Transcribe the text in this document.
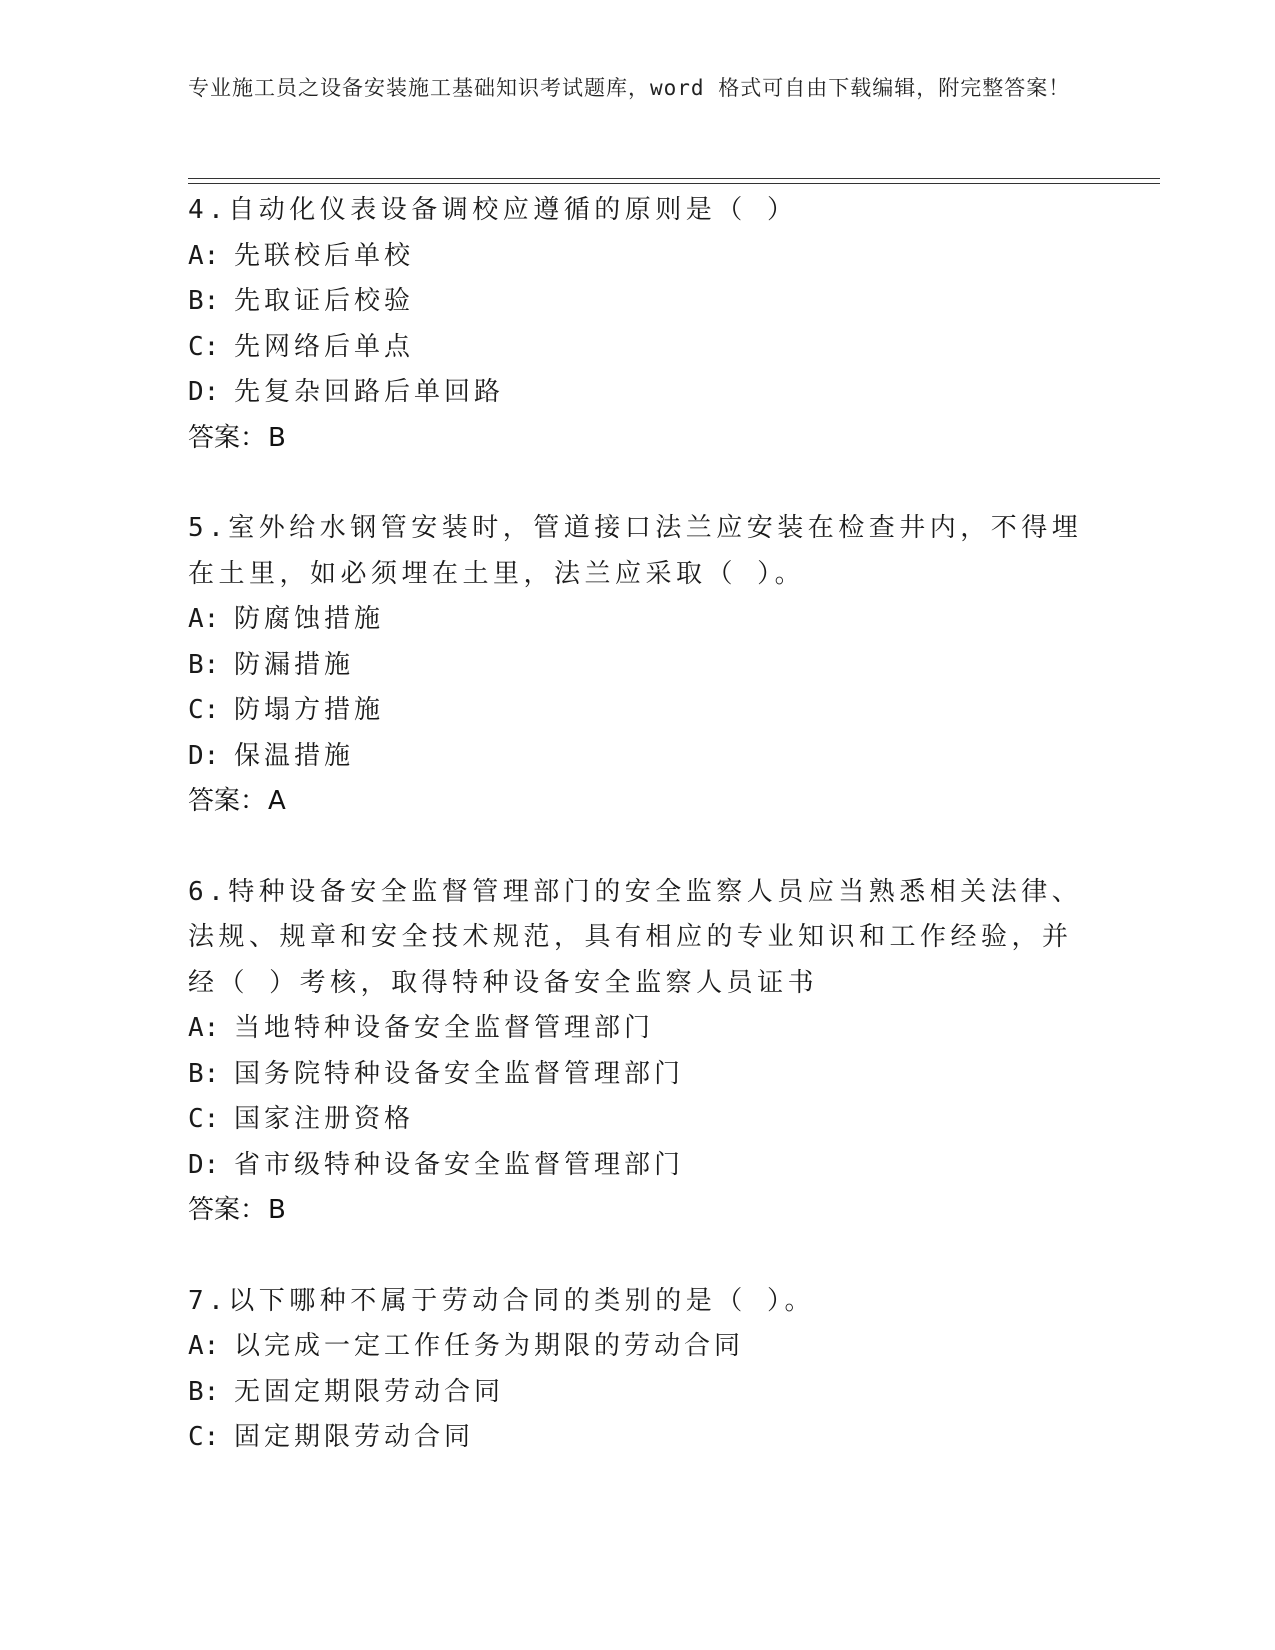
专业施工员之设备安装施工基础知识考试题库，word 格式可自由下载编辑，附完整答案！
4.自动化仪表设备调校应遵循的原则是（ ）
A: 先联校后单校
B: 先取证后校验
C: 先网络后单点
D: 先复杂回路后单回路
答案：B
5.室外给水钢管安装时，管道接口法兰应安装在检查井内，不得埋在土里，如必须埋在土里，法兰应采取（ ）。
A: 防腐蚀措施
B: 防漏措施
C: 防塌方措施
D: 保温措施
答案：A
6.特种设备安全监督管理部门的安全监察人员应当熟悉相关法律、法规、规章和安全技术规范，具有相应的专业知识和工作经验，并经（ ）考核，取得特种设备安全监察人员证书
A: 当地特种设备安全监督管理部门
B: 国务院特种设备安全监督管理部门
C: 国家注册资格
D: 省市级特种设备安全监督管理部门
答案：B
7.以下哪种不属于劳动合同的类别的是（ ）。
A: 以完成一定工作任务为期限的劳动合同
B: 无固定期限劳动合同
C: 固定期限劳动合同
